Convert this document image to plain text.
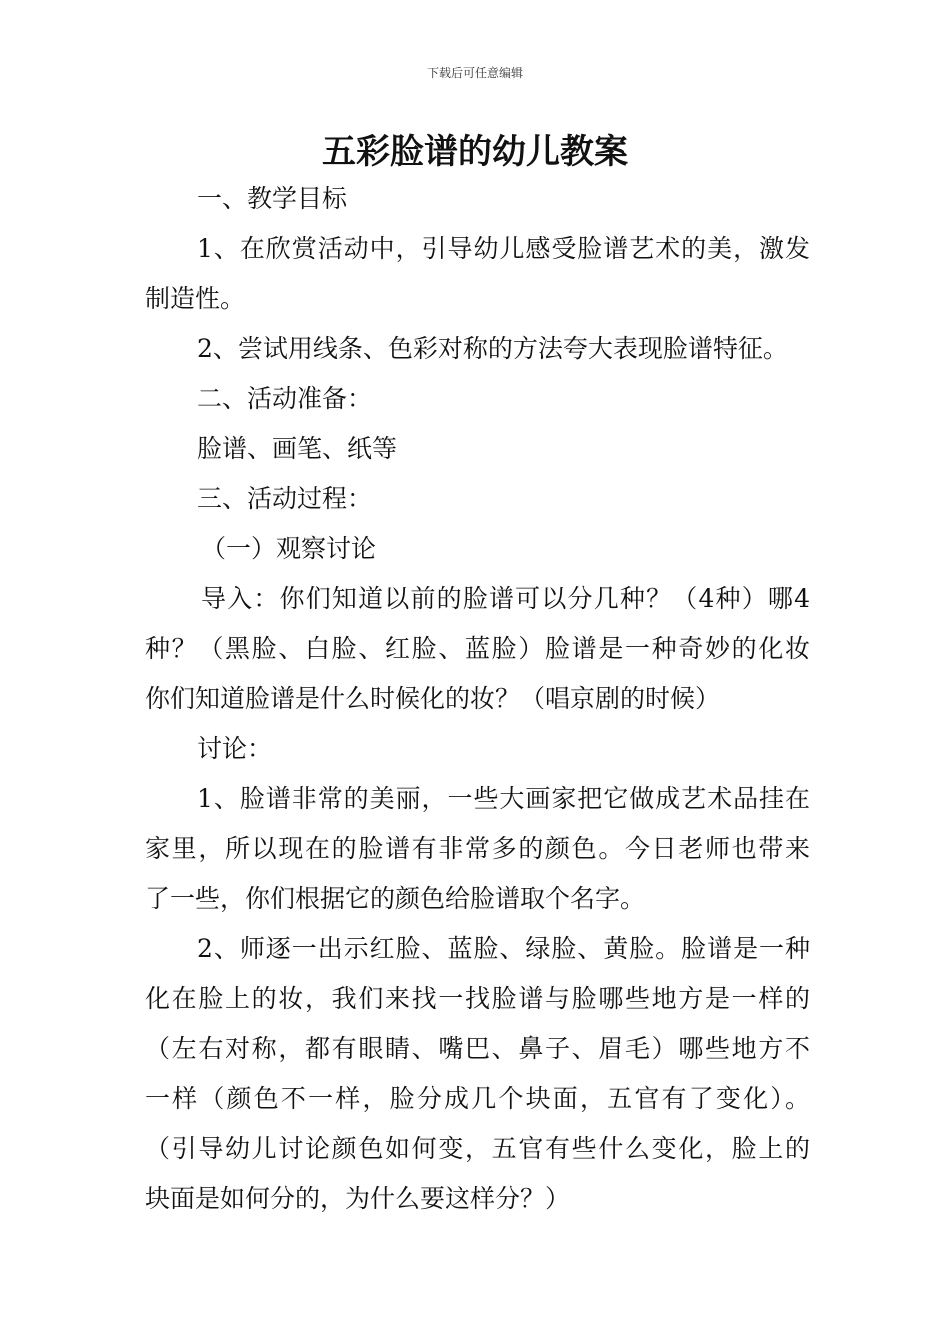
下载后可任意编辑
五彩脸谱的幼儿教案
一、教学目标
1、在欣赏活动中，引导幼儿感受脸谱艺术的美，激发
制造性。
2、尝试用线条、色彩对称的方法夸大表现脸谱特征。
二、活动准备：
脸谱、画笔、纸等
三、活动过程：
（一）观察讨论
导入：你们知道以前的脸谱可以分几种？（4种）哪4
种？（黑脸、白脸、红脸、蓝脸）脸谱是一种奇妙的化妆
你们知道脸谱是什么时候化的妆？（唱京剧的时候）
讨论：
1、脸谱非常的美丽，一些大画家把它做成艺术品挂在
家里，所以现在的脸谱有非常多的颜色。今日老师也带来
了一些，你们根据它的颜色给脸谱取个名字。
2、师逐一出示红脸、蓝脸、绿脸、黄脸。脸谱是一种
化在脸上的妆，我们来找一找脸谱与脸哪些地方是一样的
（左右对称，都有眼睛、嘴巴、鼻子、眉毛）哪些地方不
一样（颜色不一样，脸分成几个块面，五官有了变化）。
（引导幼儿讨论颜色如何变，五官有些什么变化，脸上的
块面是如何分的，为什么要这样分？）
